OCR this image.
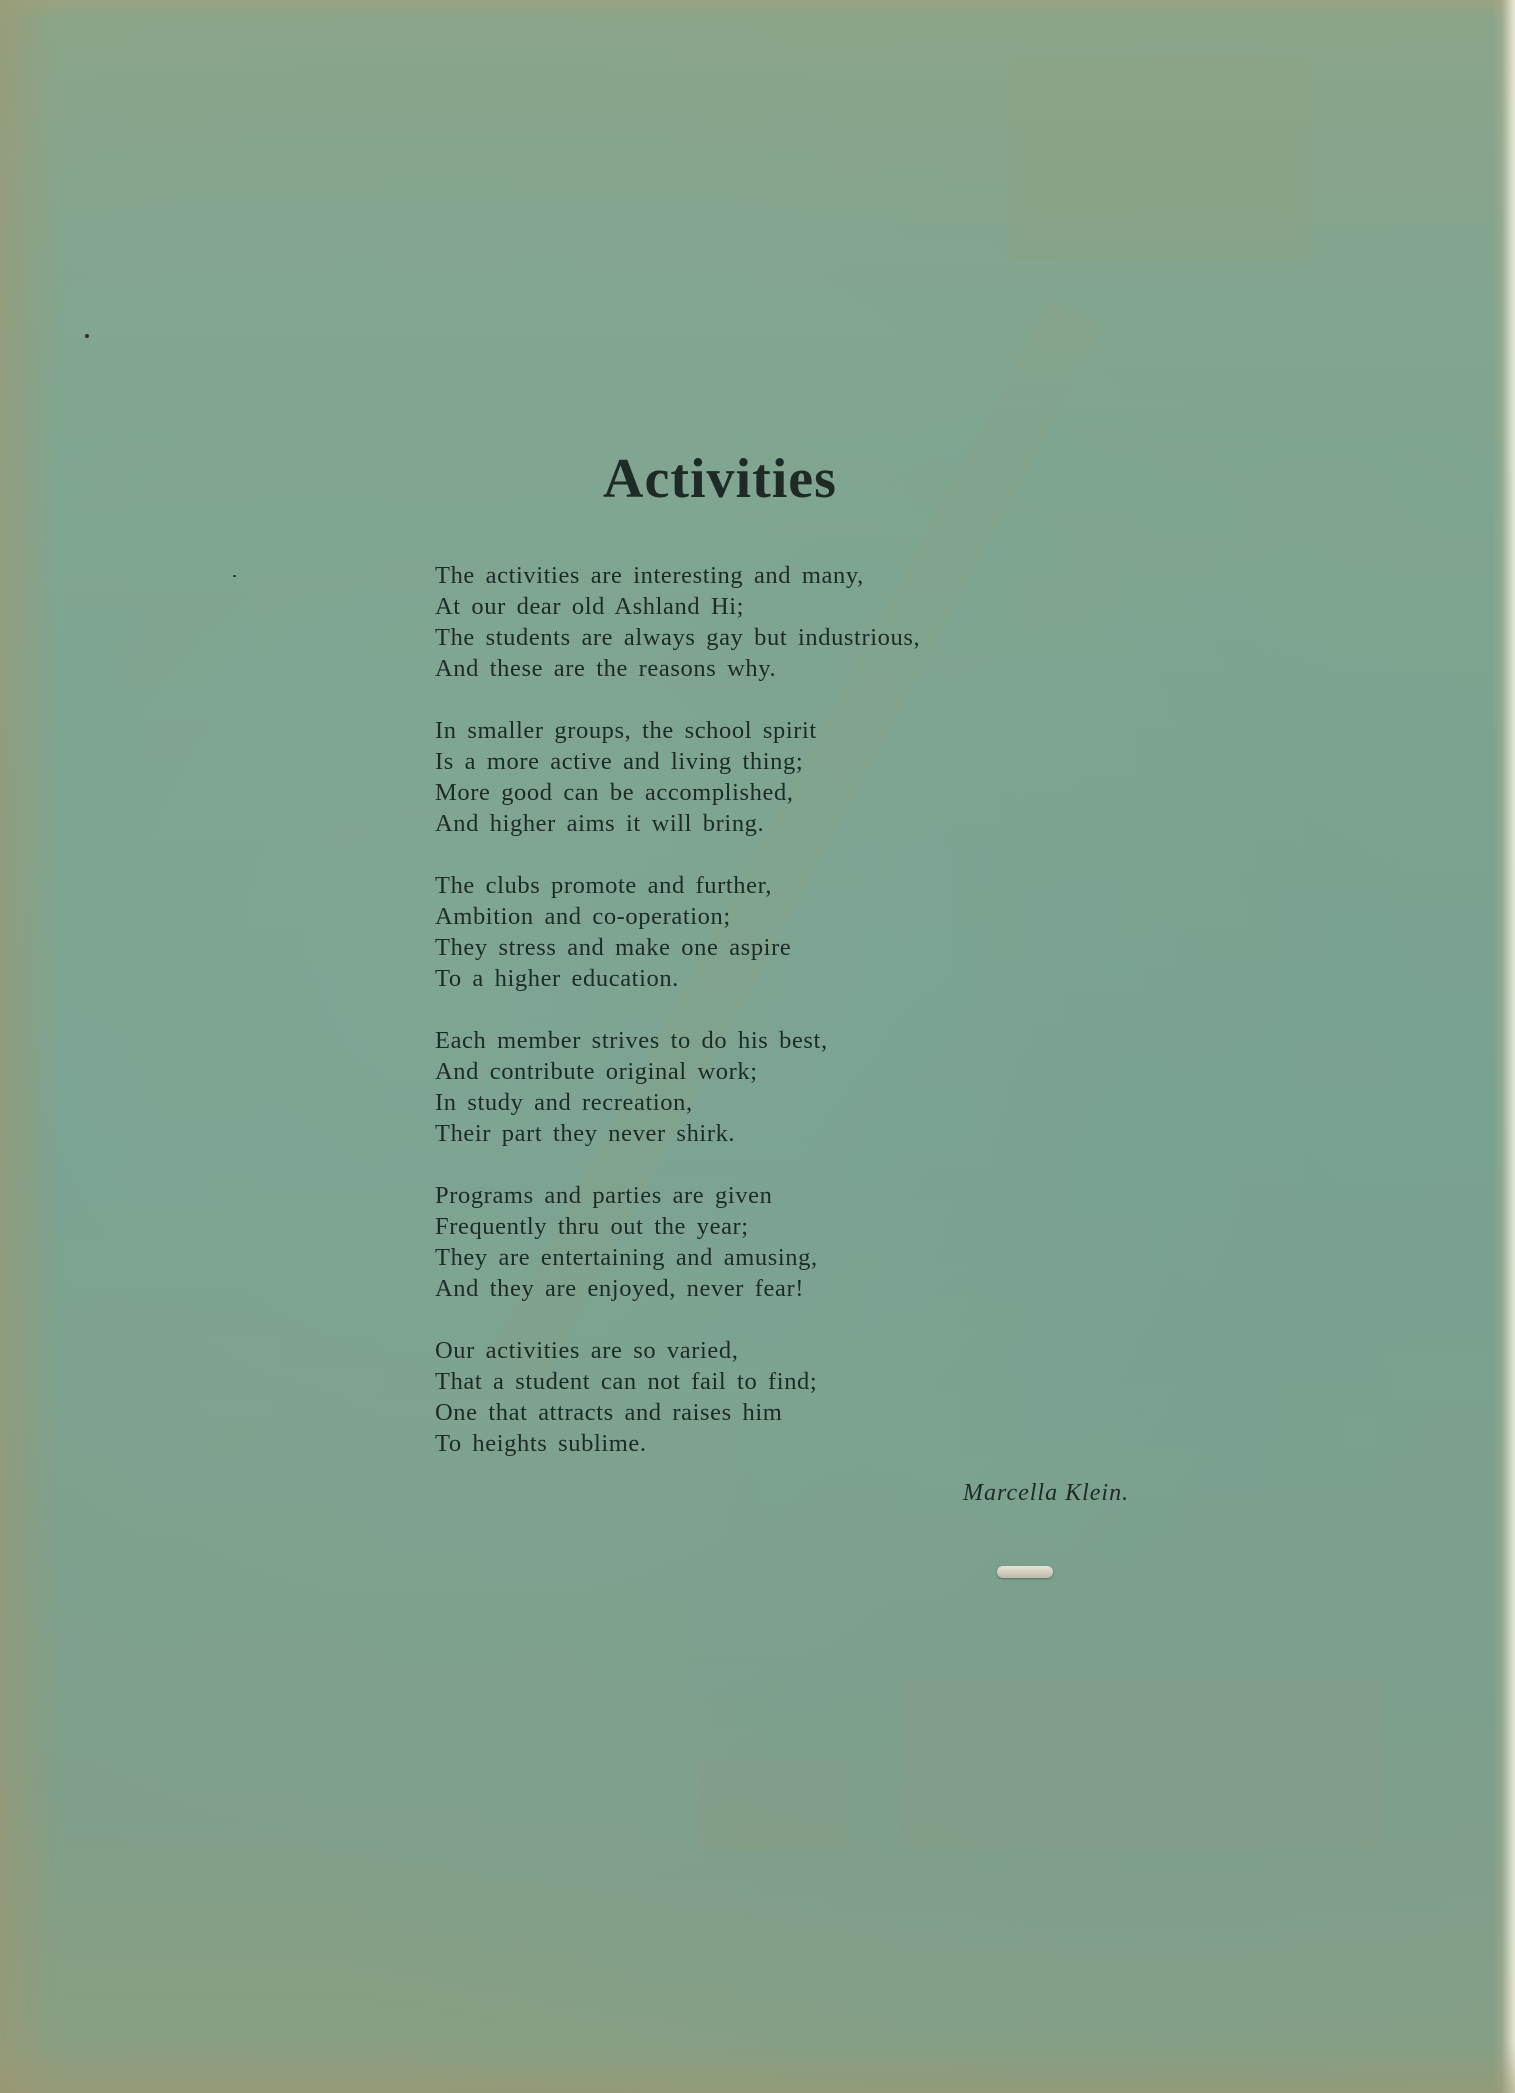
Activities

The activities are interesting and many,
At our dear old Ashland Hi;
The students are always gay but industrious,
And these are the reasons why.

In smaller groups, the school spirit
Is a more active and living thing;
More good can be accomplished,
And higher aims it will bring.

The clubs promote and further,
Ambition and co-operation;
They stress and make one aspire
To a higher education.

Each member strives to do his best,
And contribute original work;
In study and recreation,
Their part they never shirk.

Programs and parties are given
Frequently thru out the year;
They are entertaining and amusing,
And they are enjoyed, never fear!

Our activities are so varied,
That a student can not fail to find;
One that attracts and raises him
To heights sublime.

Marcella Klein.
